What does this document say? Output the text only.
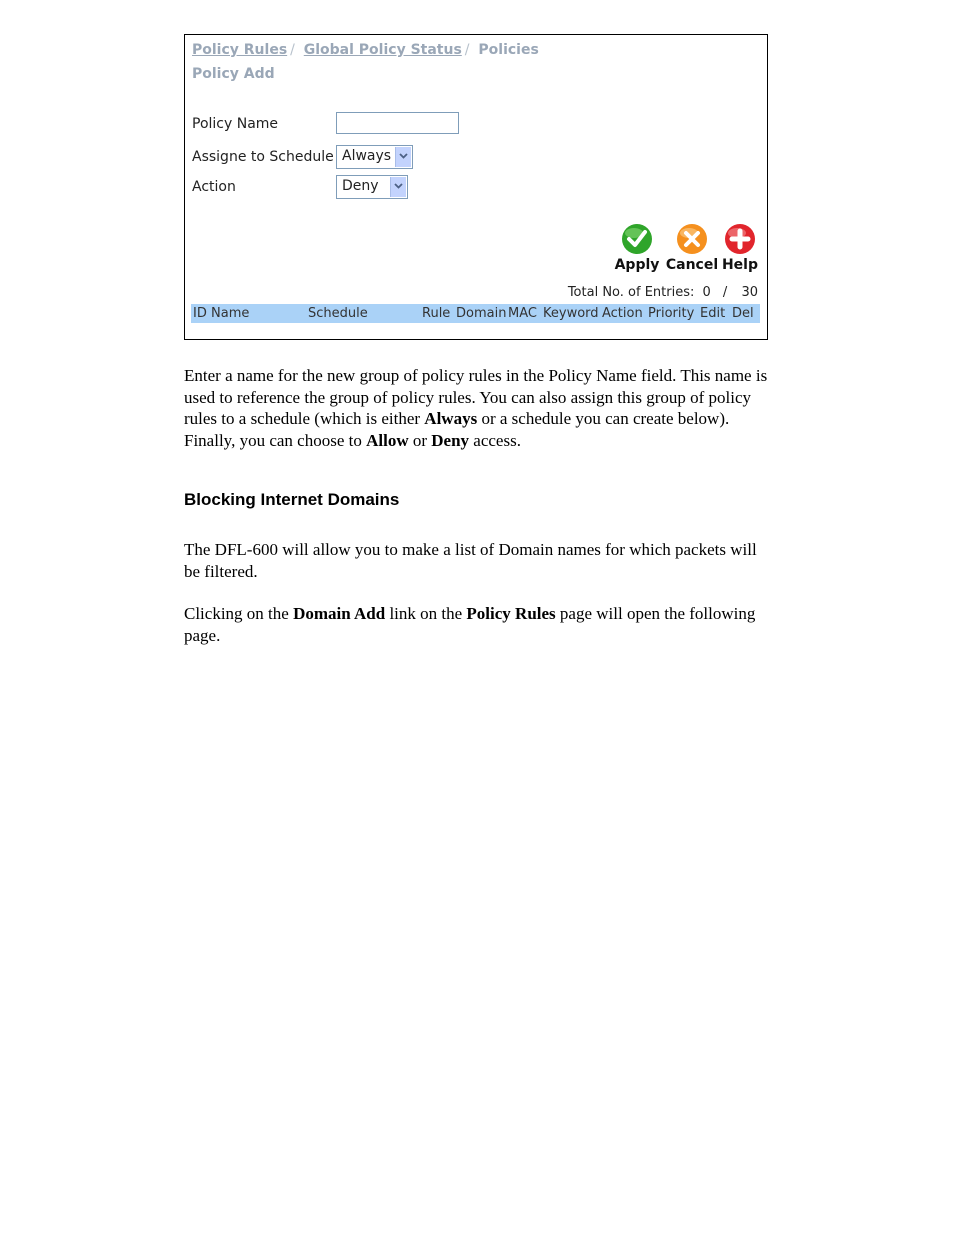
Policy Rules / Global Policy Status / Policies
Policy Add
Policy Name
Assigne to Schedule Always
Action	Deny
Apply Cancel Help
Total No. of Entries: 0 / 30
ID Name	Schedule	Rule Domain MAC Keyword Action Priority Edit Del

Enter a name for the new group of policy rules in the Policy Name field. This name is used to reference the group of policy rules. You can also assign this group of policy rules to a schedule (which is either Always or a schedule you can create below). Finally, you can choose to Allow or Deny access.

Blocking Internet Domains

The DFL-600 will allow you to make a list of Domain names for which packets will be filtered.

Clicking on the Domain Add link on the Policy Rules page will open the following page.
